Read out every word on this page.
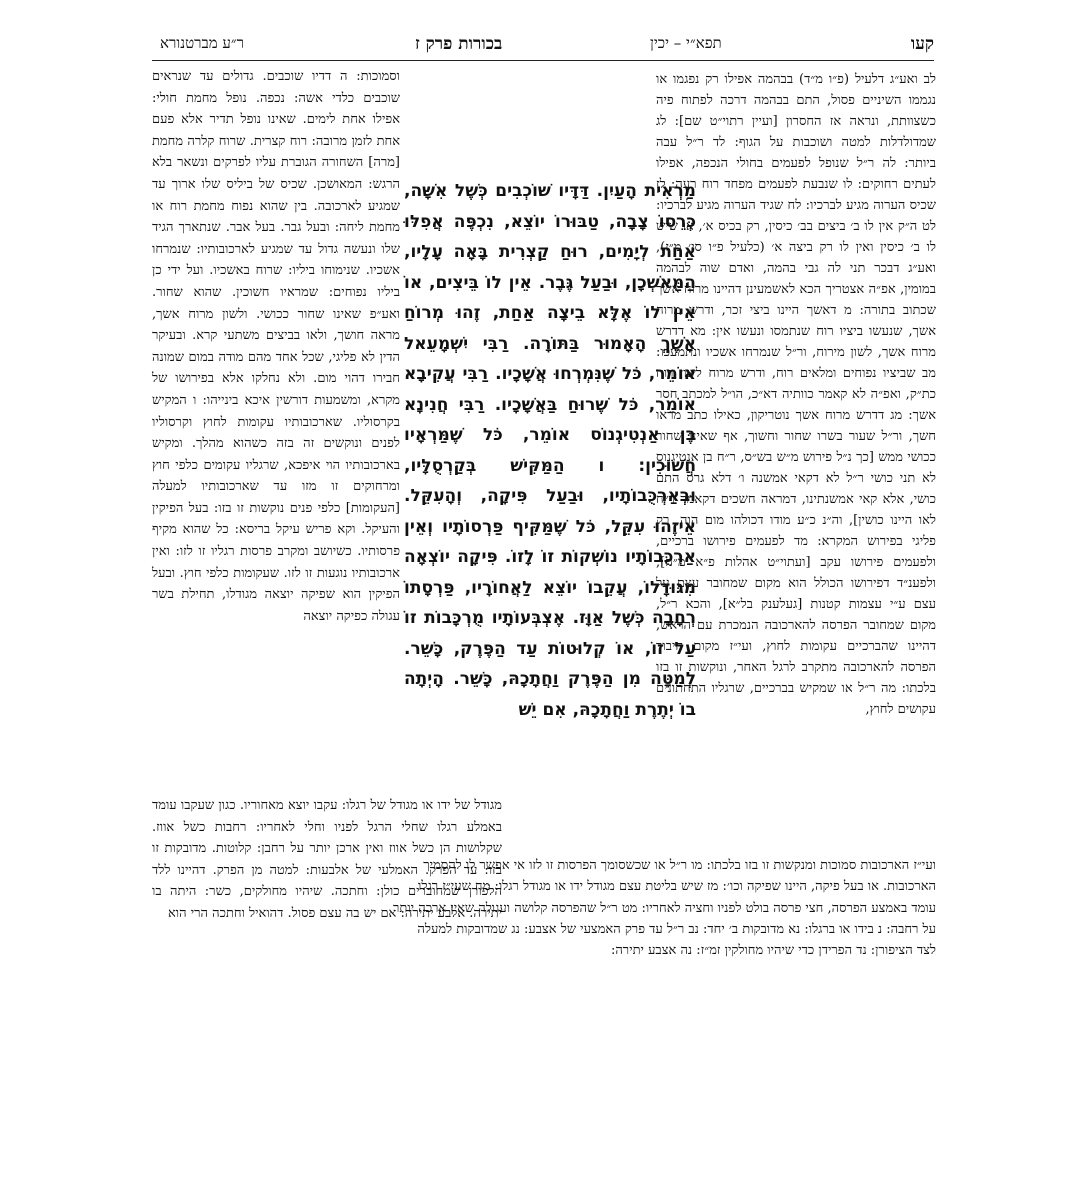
קעו
תפא״י – יכין
בכורות פרק ז
ר״ע מברטנורא
לב ואע״ג דלעיל (פ״ו מ״ד) בבהמה אפילו רק נפגמו או נגממו השיניים פסול, התם בבהמה דרכה לפתוח פיה כשצוותת, ונראה אז החסרון [ועיין רתוי״ט שם]: לג שמדולדלות למטה ושוכבות על הגוף: לד ר״ל עבה ביותר: לה ר״ל שנופל לפעמים בחולי הנכפה, אפילו לעתים רחוקים: לו שנבעת לפעמים מפחד רוח רעה: לז שכיס הערוה מגיע לברכיו: לח שגיד הערוה מגיע לברכיו: לט ה״ק אין לו ב׳ ביצים בב׳ כיסין, רק בכיס א׳, או שיש לו ב׳ כיסין ואין לו רק ביצה א׳ (כלעיל פ״ו סי׳ מ״ז), ואע״ג דבכר תני לה גבי בהמה, ואדם שוה לבהמה במומין, אפ״ה אצטריך הכא לאשמעינן דהיינו מרוח אשך שכתוב בתורה: מ דאשך היינו ביצי זכר, ודרש מרוח אשך, שנעשו ביציו רוח שנתמסו ונעשו אין: מא דדרש מרוח אשך, לשון מירוח, ור״ל שנמרחו אשכיו ונתמעכו: מב שביציו נפוחים ומלאים רוח, ודרש מרוח לשון רוח כת״ק, ואפ״ה לא קאמר כוותיה דא״כ, הו״ל למכתב חסר אשך: מג דדרש מרוח אשך נוטריקון, כאילו כתב מראו חשך, ור״ל שעור בשרו שחור וחשוך, אף שאינו שחור ככושי ממש [כך נ״ל פירוש מ״ש בש״ס, ר״ח בן אנטיגנוס לא תני כושי ר״ל לא דקאי אמשנה ו׳ דלא גרס התם כושי, אלא קאי אמשנתינו, דמראה חשכים דקאמר ר״ח לאו היינו כושין], וה״נ כ״ע מודו דכולהו מום הוה, רק פליגי בפירוש המקרא: מד לפעמים פירושו ברכיים, ולפעמים פירושו עקב [ועתוי״ט אהלות פ״א מ״ח], ולפענ״ד דפירושו הכולל הוא מקום שמחובר עצם על עצם ע״י עצמות קטנות [געלענק בל״א], והכא ר״ל, מקום שמחובר הפרסה להארכובה הנמכרת עם הראש, דהיינו שהברכיים עקומות לחוץ, ועי״ז מקום חיבור הפרסה להארכובה מתקרב לרגל האחר, ונוקשות זו בזו בלכתו: מה ר״ל או שמקיש בברכיים, שרגליו התחתונים עקושים לחוץ,
וסמוכות: ה דדיו שוכבים. גדולים עד שנראים שוכבים כלדי אשה: נכפה. נופל מחמת חולי: אפילו אחת לימים. שאינו נופל תדיר אלא פעם אחת לזמן מרובה: רוח קצרית. שרוח קלרה מחמת [מרה] השחורה הגוברת עליו לפרקים ונשאר בלא הרגש: המאושכן. שכיס של ביליס שלו ארוך עד שמגיע לארכובה. בין שהוא נפוח מחמת רוח או מחמת ליחה: ובעל גבר. בעל אבר. שנתארך הגיד שלו ונעשה גדול עד שמגיע לארכובותיו: שנמרחו אשכיו. שנימוחו ביליו: שרוח באשכיו. ועל ידי כן ביליו נפוחים: שמראיו חשוכין. שהוא שחור. ואע״פ שאינו שחור ככושי. ולשון מרוח אשך, מראה חושך, ולאו בביצים משתעי קרא. ובעיקר הדין לא פליגי, שכל אחד מהם מודה במום שמונה חבירו דהוי מום. ולא נחלקו אלא בפירושו של מקרא, ומשמעות דורשין איכא בינייהו: ו המקיש בקרסוליו. שארכובותיו עקומות לחוץ וקרסוליו לפנים ונוקשים זה בזה כשהוא מהלך. ומקיש בארכובותיו הוי איפכא, שרגליו עקומים כלפי חוץ ומרחוקים זו מזו עד שארכובותיו למעלה [העקומות] כלפי פנים נוקשות זו בזו: בעל הפיקין והעיקל. וקא פריש עיקל בריסא: כל שהוא מקיף פרסותיו. כשיושב ומקרב פרסות רגליו זו לזו: ואין ארכובותיו נוגעות זו לזו. שעקומות כלפי חוץ. ובעל הפיקין הוא שפיקה יוצאה מגודלו, תחילת בשר עגולה כפיקה יוצאה
מַרְאִית הָעַיִן. דַּדָּיו שׁוֹכְבִים כְּשֶׁל אִשָּׁה, כְּרֵסוֹ צָבָה, טַבּוּרוֹ יוֹצֵא, נִכְפֶּה אֲפִלּוּ אַחַת לְיָמִים, רוּחַ קַצְרִית בָּאָה עָלָיו, הַמַּאשְׁכָן, וּבַעַל גֶּבֶר. אֵין לוֹ בֵּיצִים, אוֹ אֵין לוֹ אֶלָּא בֵיצָה אַחַת, זֶהוּ מְרוֹחַ אָשֶׁךְ הָאָמוּר בַּתּוֹרָה. רַבִּי יִשְׁמָעֵאל אוֹמֵר, כֹּל שֶׁנִּמְרְחוּ אֲשָׁכָיו. רַבִּי עֲקִיבָא אוֹמֵר, כֹּל שֶׁרוּחַ בַּאֲשָׁכָיו. רַבִּי חֲנִינָא בֶּן אַנְטִיגְנוֹס אוֹמֵר, כֹּל שֶׁמַּרְאָיו חֲשׁוּכִין: ו הַמַּקִּישׁ בְּקַרְסֻלָּיו, וּבְאַרְכֻּבוֹתָיו, וּבַעַל פִּיקָה, וְהָעִקֵּל. אֵיזֶהוּ עִקֵּל, כֹּל שֶׁמַּקִּיף פַּרְסוֹתָיו וְאֵין אַרְכֻּבוֹתָיו נוֹשְׁקוֹת זוֹ לָזוֹ. פִּיקָה יוֹצְאָה מִגּוּדָלוֹ, עֲקֵבוֹ יוֹצֵא לַאֲחוֹרָיו, פַּרְסָתוֹ רְחָבָה כְּשֶׁל אַוָּז. אֶצְבְּעוֹתָיו מֻרְכָּבוֹת זוֹ עַל זוֹ, אוֹ קְלוּטוֹת עַד הַפֶּרֶק, כָּשֵׁר. לְמַטָּה מִן הַפֶּרֶק וַחֲתָכָהּ, כָּשֵׁר. הָיְתָה בוֹ יְתֶרֶת וַחֲתָכָהּ, אִם יֵשׁ
מגודל של ידו או מגודל של רגלו: עקבו יוצא מאחוריו. כגון שעקבו עומד באמלע רגלו שחלי הרגל לפניו וחלי לאחריו: רחבות כשל אווז. שקלושות הן כשל אווז ואין ארכן יותר על רחבן: קלוטות. מדובקות זו בזו: עד הפרק. האמלעי של אלבעות: למטה מן הפרק. דהיינו ללד הלפורן שמחוברים כולן: וחתכה. שיהיו מחולקים, כשר: היתה בו יתירה. אלבע יתירה: אם יש בה עצם פסול. דהואיל וחתכה הרי הוא
ועי״ז הארכובות סמוכות ומנקשות זו בזו בלכתו: מו ר״ל או שכשסומך הפרסות זו לזו אי אפשר לו להסמיך
הארכובות. או בעל פיקה, היינו שפיקה וכו׳: מז שיש בליטת עצם מגודל ידו או מגודל רגלו: מח שעי״ז רגלו
עומד באמצע הפרסה, חצי פרסה בולט לפניו וחציה לאחריו: מט ר״ל שהפרסה קלושה ועגולה שאין ארכה יותר
על רחבה: נ בידו או ברגלו: נא מדובקות ב׳ יחד: נב ר״ל עד פרק האמצעי של אצבע: נג שמדובקות למעלה
לצד הציפורן: נד הפרידן כדי שיהיו מחולקין זמ״ז: נה אצבע יתירה:
